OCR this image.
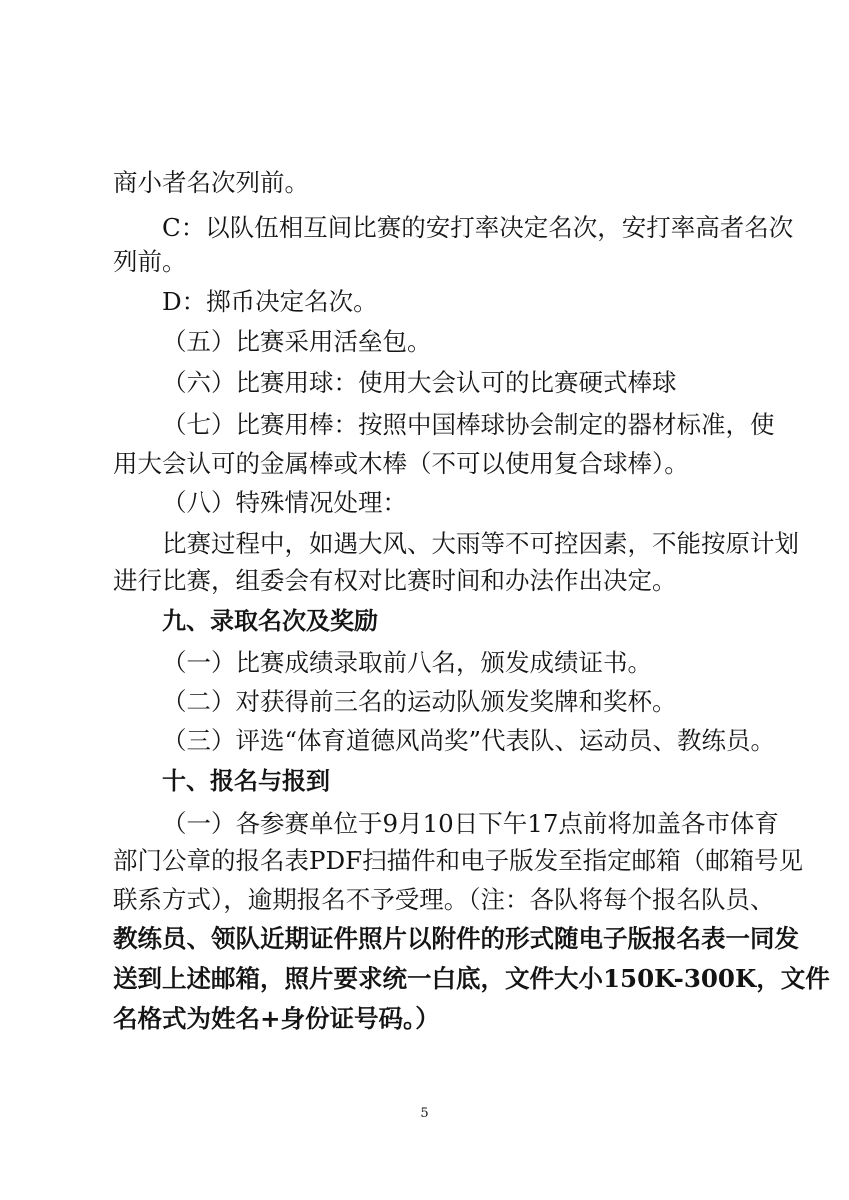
商小者名次列前。
C：以队伍相互间比赛的安打率决定名次，安打率高者名次
列前。
D：掷币决定名次。
（五）比赛采用活垒包。
（六）比赛用球：使用大会认可的比赛硬式棒球
（七）比赛用棒：按照中国棒球协会制定的器材标准，使
用大会认可的金属棒或木棒（不可以使用复合球棒）。
（八）特殊情况处理：
比赛过程中，如遇大风、大雨等不可控因素，不能按原计划
进行比赛，组委会有权对比赛时间和办法作出决定。
九、录取名次及奖励
（一）比赛成绩录取前八名，颁发成绩证书。
（二）对获得前三名的运动队颁发奖牌和奖杯。
（三）评选“体育道德风尚奖”代表队、运动员、教练员。
十、报名与报到
（一）各参赛单位于9月10日下午17点前将加盖各市体育
部门公章的报名表PDF扫描件和电子版发至指定邮箱（邮箱号见
联系方式），逾期报名不予受理。（注：各队将每个报名队员、
教练员、领队近期证件照片以附件的形式随电子版报名表一同发
送到上述邮箱，照片要求统一白底，文件大小150K-300K，文件
名格式为姓名+身份证号码。）
5
